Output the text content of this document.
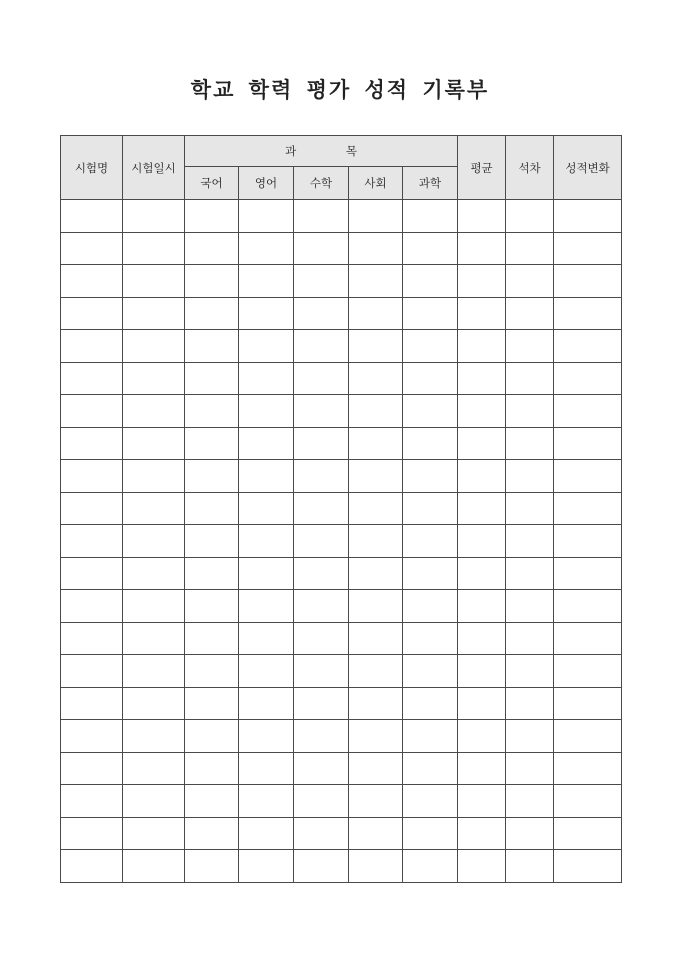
학교 학력 평가 성적 기록부
시험명	시험일시	과 목					평균	석차	성적변화
		국어	영어	수학	사회	과학			
